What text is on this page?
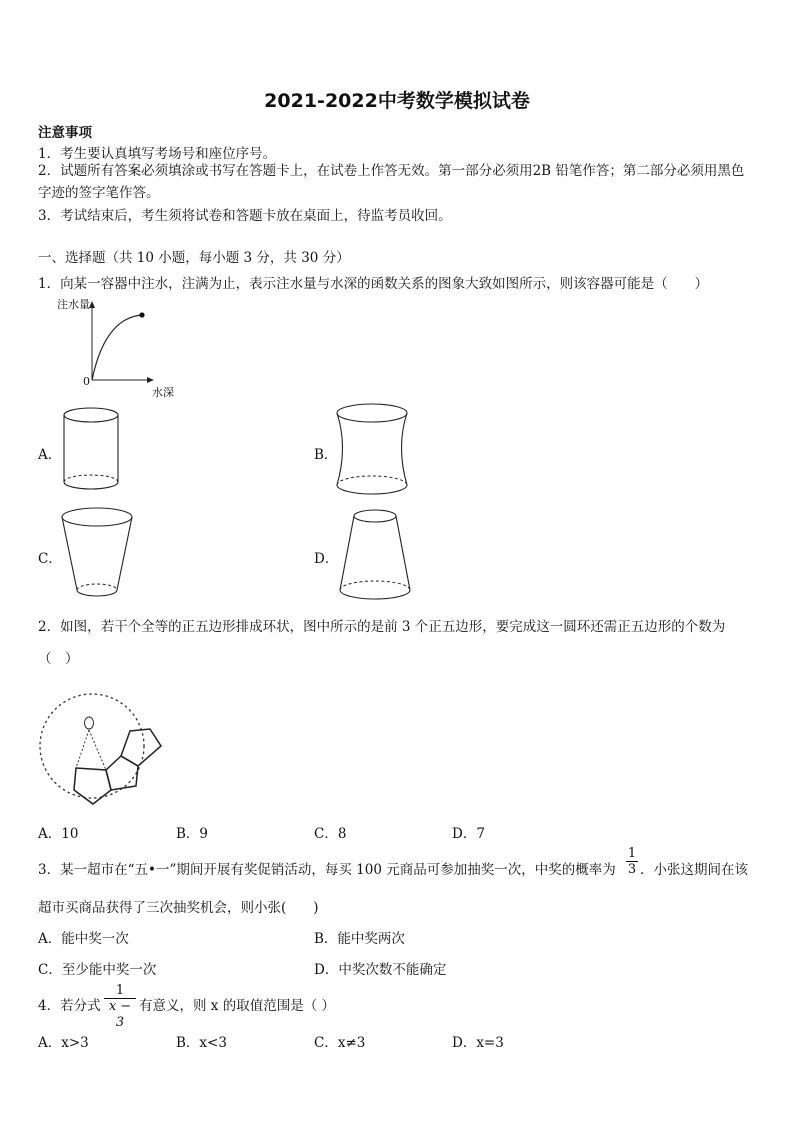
2021-2022中考数学模拟试卷
注意事项
1．考生要认真填写考场号和座位序号。
2．试题所有答案必须填涂或书写在答题卡上，在试卷上作答无效。第一部分必须用2B 铅笔作答；第二部分必须用黑色字迹的签字笔作答。
3．考试结束后，考生须将试卷和答题卡放在桌面上，待监考员收回。
一、选择题（共 10 小题，每小题 3 分，共 30 分）
1．向某一容器中注水，注满为止，表示注水量与水深的函数关系的图象大致如图所示，则该容器可能是（　　）
注水量
水深
0
A．	B．
C．	D．
2．如图，若干个全等的正五边形排成环状，图中所示的是前 3 个正五边形，要完成这一圆环还需正五边形的个数为
（　）
A．10	B．9	C．8	D．7
3．某一超市在“五•一”期间开展有奖促销活动，每买 100 元商品可参加抽奖一次，中奖的概率为
1
3 ．小张这期间在该
超市买商品获得了三次抽奖机会，则小张(　　)
A．能中奖一次	B．能中奖两次
C．至少能中奖一次	D．中奖次数不能确定
4．若分式
1
x − 3
有意义，则 x 的取值范围是（ ）
A．x>3	B．x<3	C．x≠3	D．x=3
